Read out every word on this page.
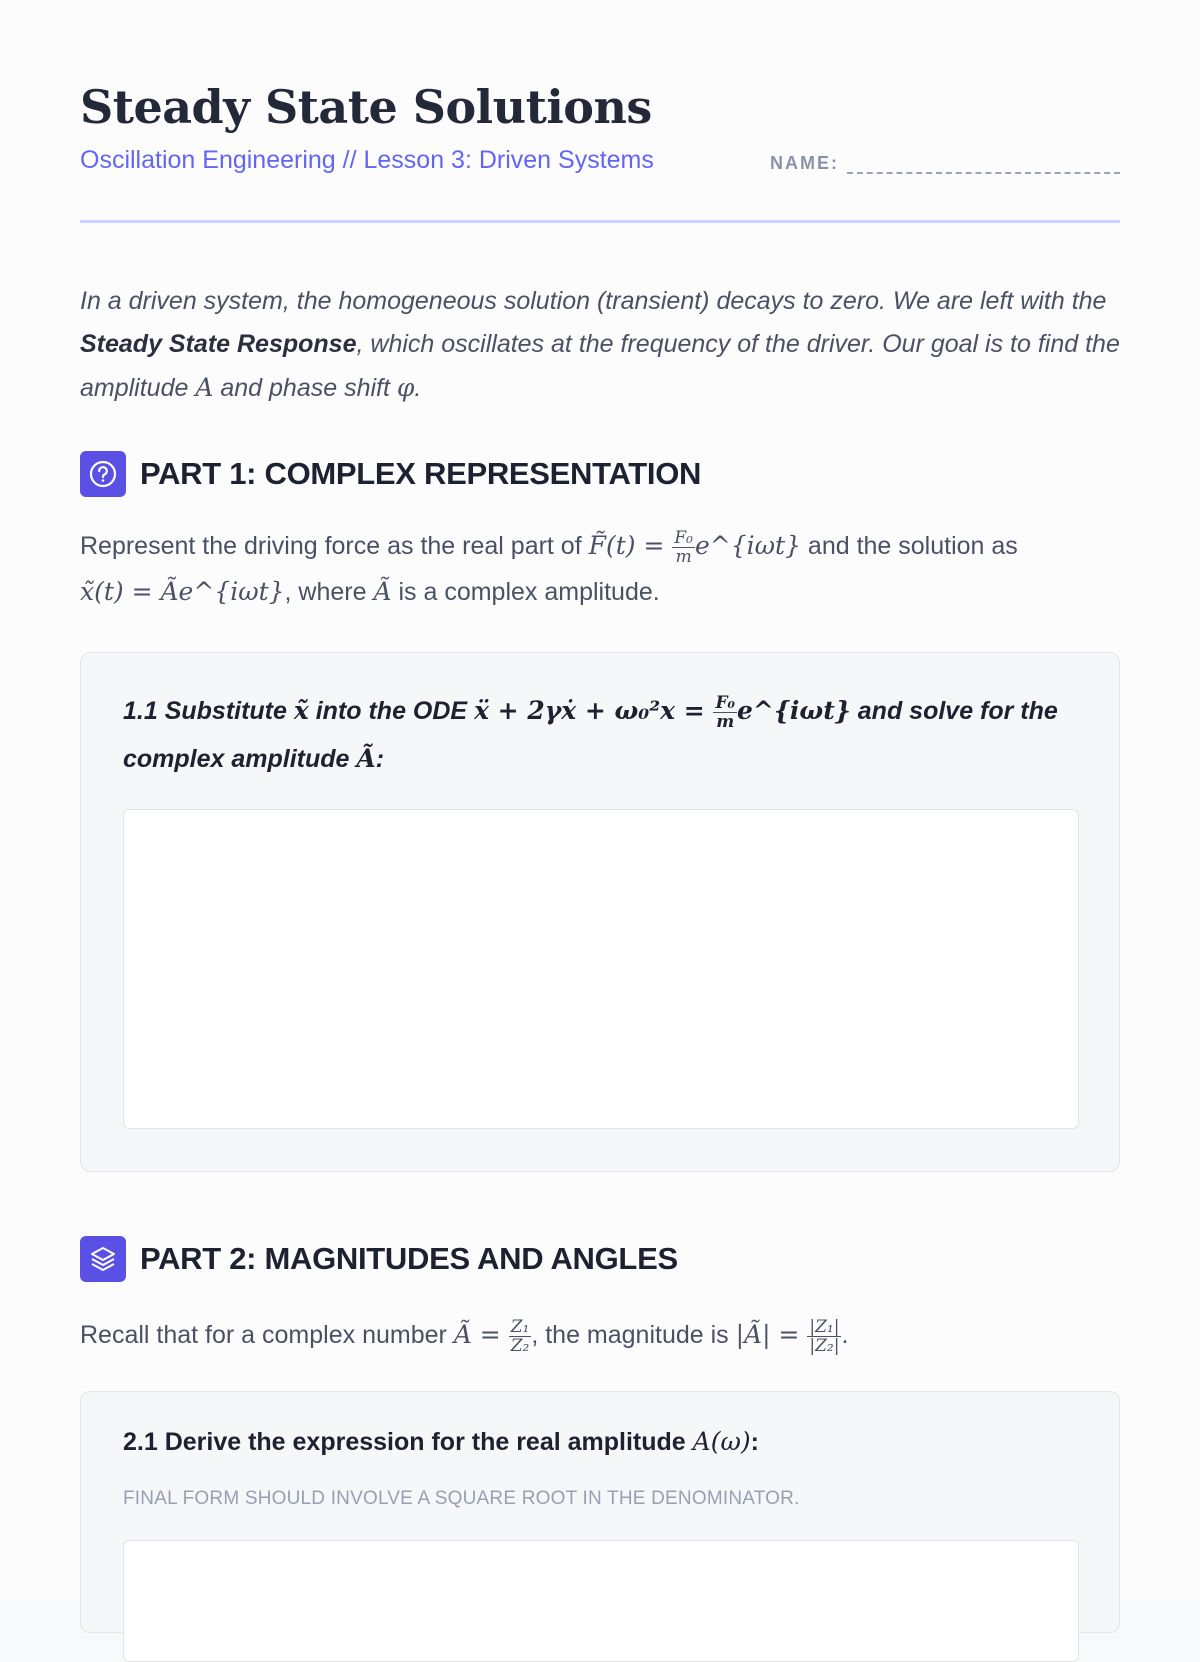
Steady State Solutions
Oscillation Engineering // Lesson 3: Driven Systems	NAME:
In a driven system, the homogeneous solution (transient) decays to zero. We are left with the Steady State Response, which oscillates at the frequency of the driver. Our goal is to find the amplitude A and phase shift φ.
PART 1: COMPLEX REPRESENTATION
Represent the driving force as the real part of F̃(t) = $\frac{\text{F₀}}{m}$ e^{iωt} and the solution as
x̃(t) = Ãe^{iωt}, where Ã is a complex amplitude.
1.1 Substitute x̃ into the ODE ẍ + 2γẋ + $\omega_0^2x = \frac{\text{F₀}}{m}$ e^{iωt} and solve for the
complex amplitude Ã:
PART 2: MAGNITUDES AND ANGLES
Recall that for a complex number Ã = $\frac{\text{Z₁}}{\text{Z₂}}$ , the magnitude is |Ã| = $\frac{\text{|Z₁|}}{\text{|Z₂|}}$ .
2.1 Derive the expression for the real amplitude A(ω):
FINAL FORM SHOULD INVOLVE A SQUARE ROOT IN THE DENOMINATOR.
